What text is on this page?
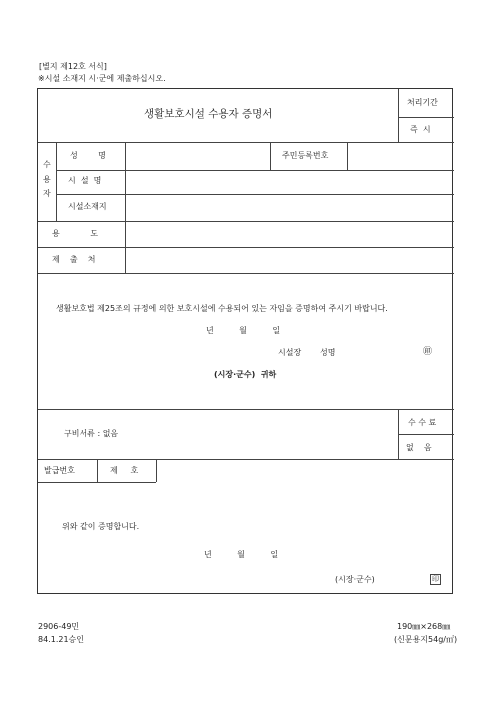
[별지 제12호 서식]
※시설 소재지 시·군에 제출하십시오.
생활보호시설 수용자 증명서
처리기간
즉  시
수
용
자
성        명	주민등록번호
시  설  명
시설소재지
용            도
제    출    처
생활보호법 제25조의 규정에 의한 보호시설에 수용되어 있는 자임을 증명하여 주시기 바랍니다.
년          월          일
시설장 성명	㊞
(시장·군수)  귀하
구비서류 : 없음
수 수 료
없    음
발급번호	제     호
위와 같이 증명합니다.
년          월          일
(시장·군수)	印
2906-49민
84.1.21승인
190㎜×268㎜
(신문용지54g/㎡)
